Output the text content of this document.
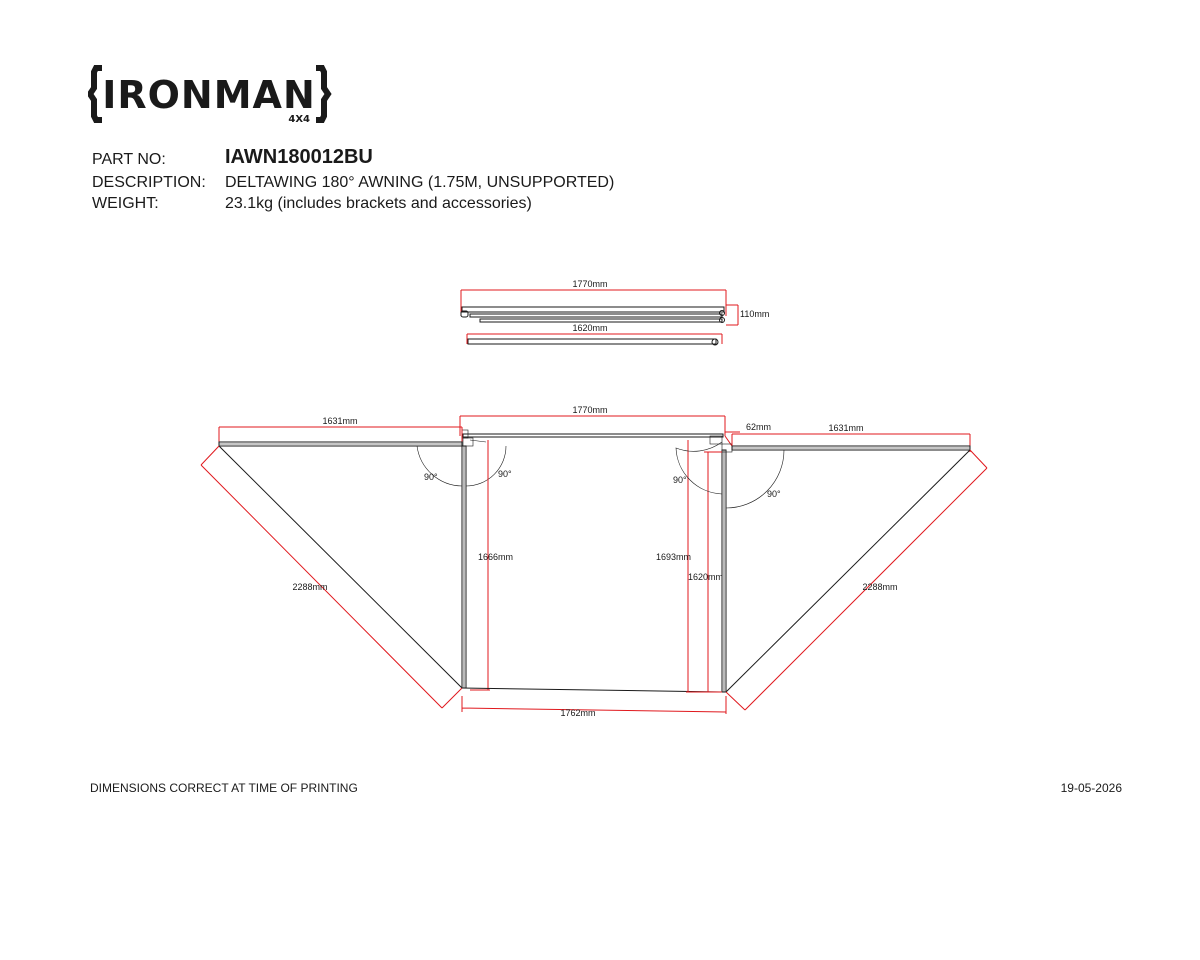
IRONMAN
4X4
PART NO:	IAWN180012BU
DESCRIPTION: DELTAWING 180° AWNING (1.75M, UNSUPPORTED)
WEIGHT:	23.1kg (includes brackets and accessories)
1770mm
110mm
1620mm
1770mm
1631mm
90°	90°
1666mm
2288mm
1762mm
62mm
1693mm
1620mm
1631mm
90°
90°
2288mm
DIMENSIONS CORRECT AT TIME OF PRINTING	19-05-2026
